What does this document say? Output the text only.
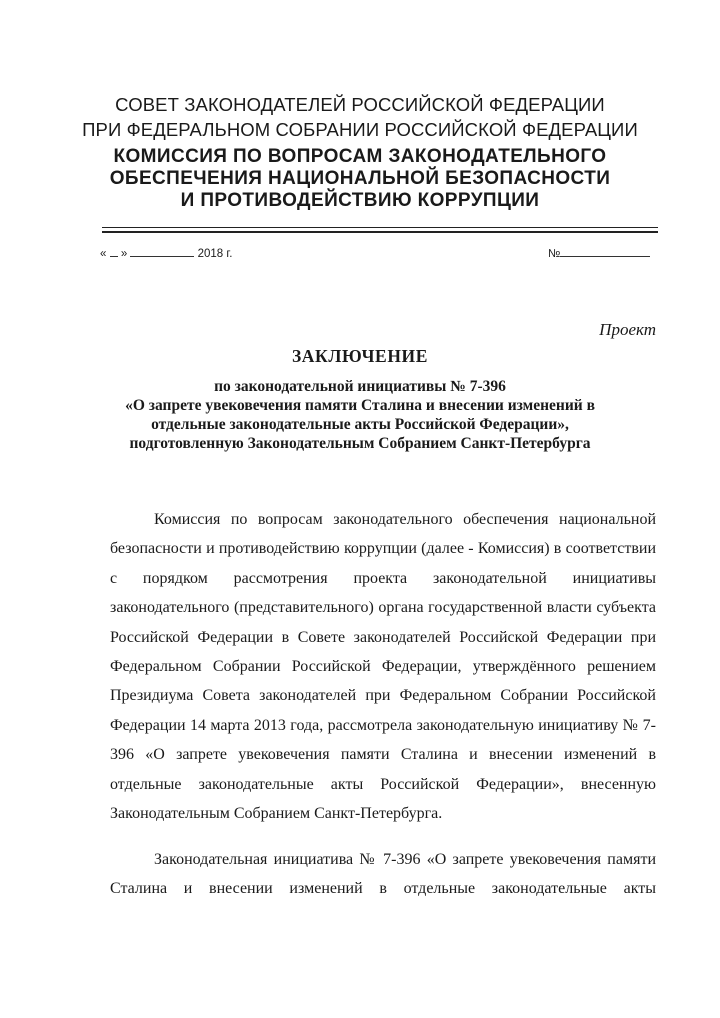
СОВЕТ ЗАКОНОДАТЕЛЕЙ РОССИЙСКОЙ ФЕДЕРАЦИИ
ПРИ ФЕДЕРАЛЬНОМ СОБРАНИИ РОССИЙСКОЙ ФЕДЕРАЦИИ
КОМИССИЯ ПО ВОПРОСАМ ЗАКОНОДАТЕЛЬНОГО
ОБЕСПЕЧЕНИЯ НАЦИОНАЛЬНОЙ БЕЗОПАСНОСТИ
И ПРОТИВОДЕЙСТВИЮ КОРРУПЦИИ
« »	2018 г.	№
Проект
ЗАКЛЮЧЕНИЕ
по законодательной инициативы № 7-396
«О запрете увековечения памяти Сталина и внесении изменений в
отдельные законодательные акты Российской Федерации»,
подготовленную Законодательным Собранием Санкт-Петербурга

Комиссия по вопросам законодательного обеспечения национальной безопасности и противодействию коррупции (далее - Комиссия) в соответствии с порядком рассмотрения проекта законодательной инициативы законодательного (представительного) органа государственной власти субъекта Российской Федерации в Совете законодателей Российской Федерации при Федеральном Собрании Российской Федерации, утверждённого решением Президиума Совета законодателей при Федеральном Собрании Российской Федерации 14 марта 2013 года, рассмотрела законодательную инициативу № 7-396 «О запрете увековечения памяти Сталина и внесении изменений в отдельные законодательные акты Российской Федерации», внесенную Законодательным Собранием Санкт-Петербурга.

Законодательная инициатива № 7-396 «О запрете увековечения памяти Сталина и внесении изменений в отдельные законодательные акты
